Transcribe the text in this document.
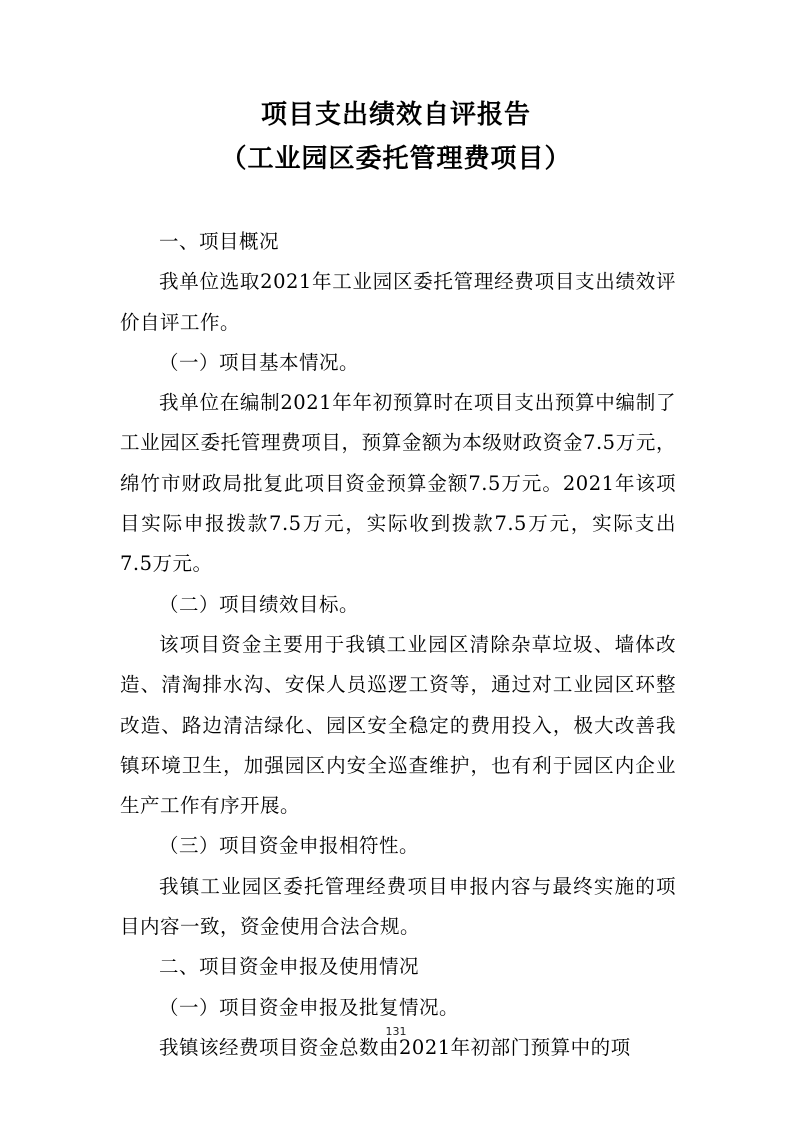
项目支出绩效自评报告
（工业园区委托管理费项目）

一、项目概况

我单位选取2021年工业园区委托管理经费项目支出绩效评价自评工作。

（一）项目基本情况。

我单位在编制2021年年初预算时在项目支出预算中编制了工业园区委托管理费项目，预算金额为本级财政资金7.5万元，绵竹市财政局批复此项目资金预算金额7.5万元。2021年该项目实际申报拨款7.5万元，实际收到拨款7.5万元，实际支出7.5万元。

（二）项目绩效目标。

该项目资金主要用于我镇工业园区清除杂草垃圾、墙体改造、清淘排水沟、安保人员巡逻工资等，通过对工业园区环整改造、路边清洁绿化、园区安全稳定的费用投入，极大改善我镇环境卫生，加强园区内安全巡查维护，也有利于园区内企业生产工作有序开展。

（三）项目资金申报相符性。

我镇工业园区委托管理经费项目申报内容与最终实施的项目内容一致，资金使用合法合规。

二、项目资金申报及使用情况

（一）项目资金申报及批复情况。

我镇该经费项目资金总数由2021年初部门预算中的项

131
